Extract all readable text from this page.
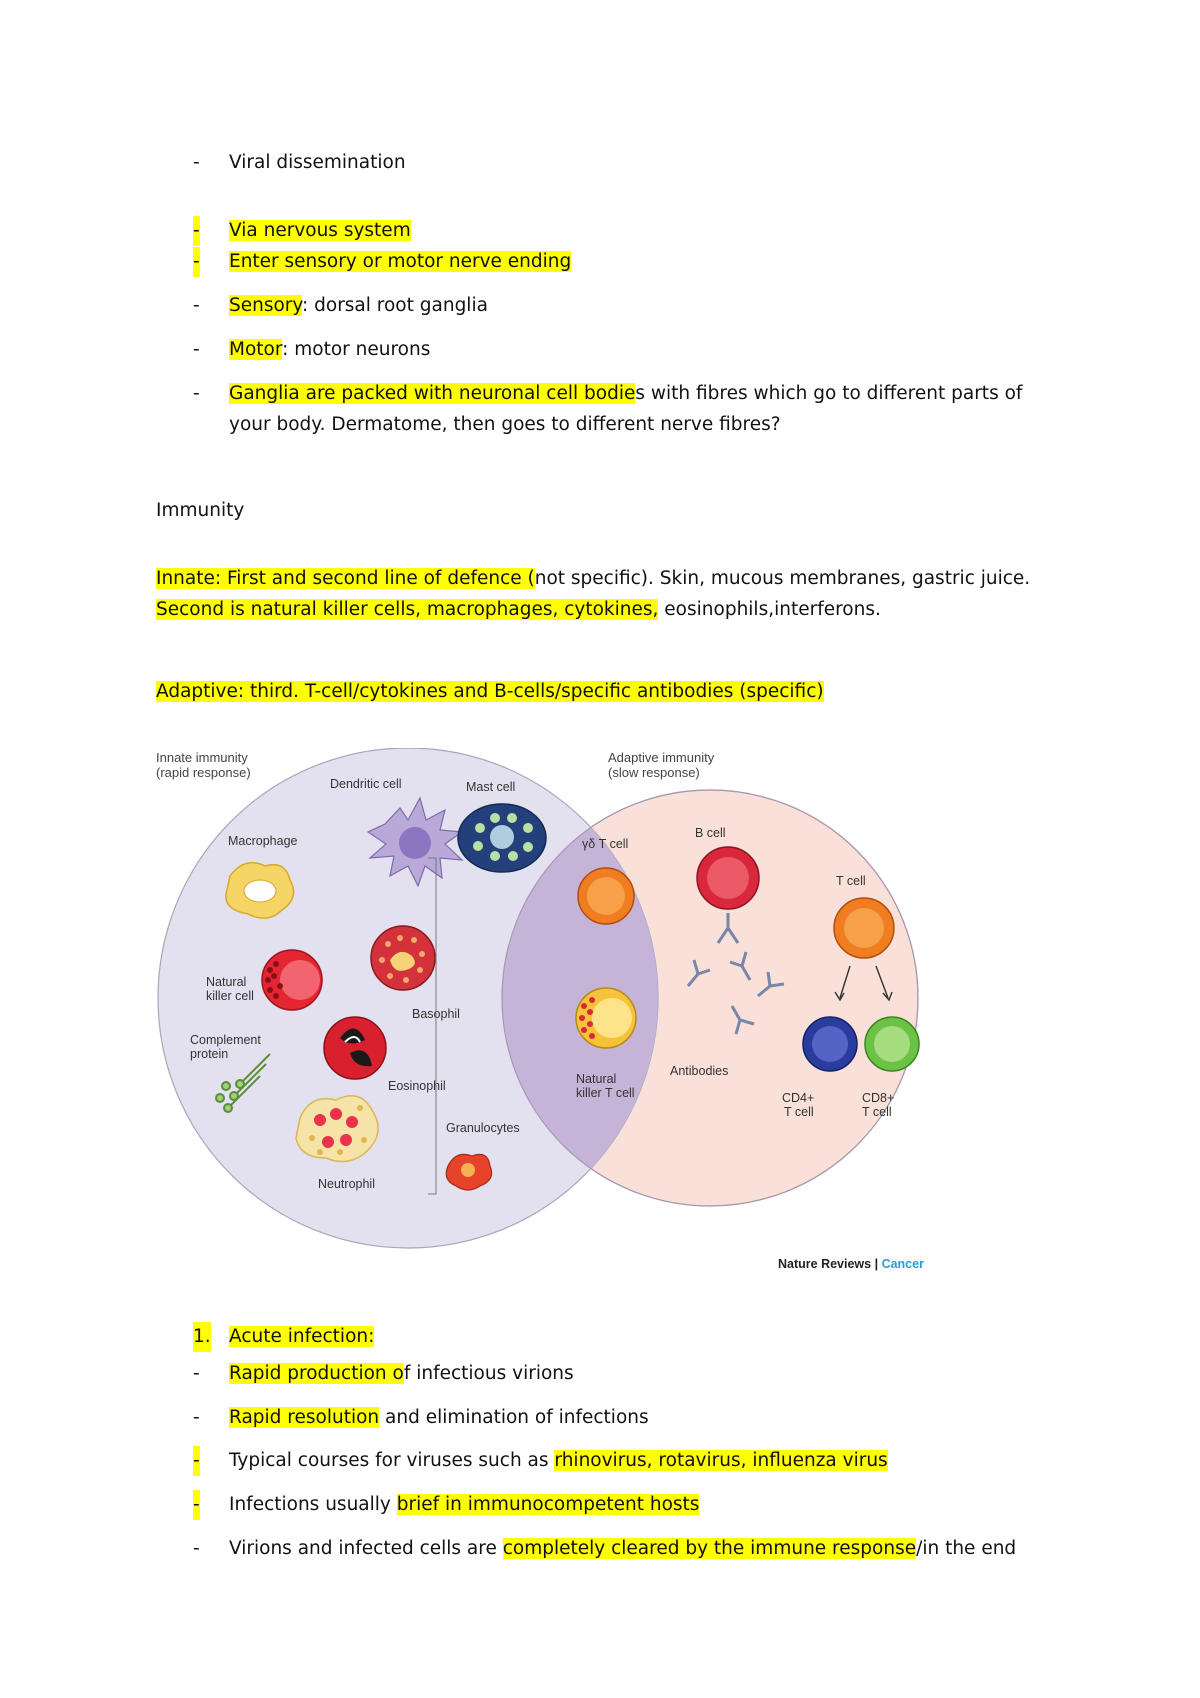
- Viral dissemination
- Via nervous system
- Enter sensory or motor nerve ending
- Sensory: dorsal root ganglia
- Motor: motor neurons
- Ganglia are packed with neuronal cell bodies with fibres which go to different parts of
your body. Dermatome, then goes to different nerve fibres?
Immunity
Innate: First and second line of defence (not specific). Skin, mucous membranes, gastric juice.
Second is natural killer cells, macrophages, cytokines, eosinophils,interferons.
Adaptive: third. T-cell/cytokines and B-cells/specific antibodies (specific)
Innate immunity
(rapid response)
Adaptive immunity
(slow response)
Dendritic cell	Mast cell
Macrophage	γδ T cell
B cell
Antibodies
T cell
CD4+
T cell
CD8+
T cell
Natural
killer cell
Basophil
Complement
protein
Eosinophil
Neutrophil
Granulocytes
Natural
killer T cell
Nature Reviews | Cancer
1. Acute infection:
- Rapid production of infectious virions
- Rapid resolution and elimination of infections
- Typical courses for viruses such as rhinovirus, rotavirus, influenza virus
- Infections usually brief in immunocompetent hosts
- Virions and infected cells are completely cleared by the immune response/in the end
